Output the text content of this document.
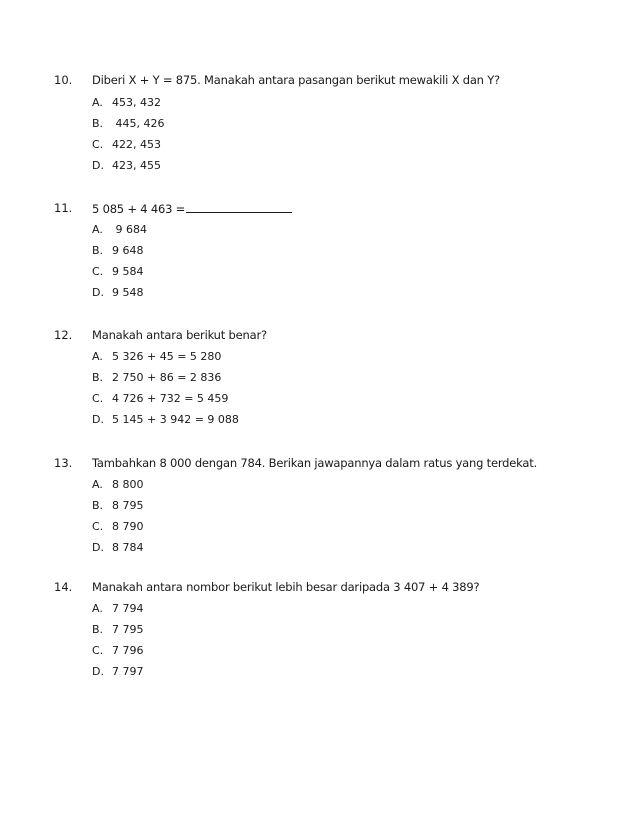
10. Diberi X + Y = 875. Manakah antara pasangan berikut mewakili X dan Y?
A. 453, 432
B. 445, 426
C. 422, 453
D. 423, 455
11. 5 085 + 4 463 =
A. 9 684
B. 9 648
C. 9 584
D. 9 548
12. Manakah antara berikut benar?
A. 5 326 + 45 = 5 280
B. 2 750 + 86 = 2 836
C. 4 726 + 732 = 5 459
D. 5 145 + 3 942 = 9 088
13. Tambahkan 8 000 dengan 784. Berikan jawapannya dalam ratus yang terdekat.
A. 8 800
B. 8 795
C. 8 790
D. 8 784
14. Manakah antara nombor berikut lebih besar daripada 3 407 + 4 389?
A. 7 794
B. 7 795
C. 7 796
D. 7 797
